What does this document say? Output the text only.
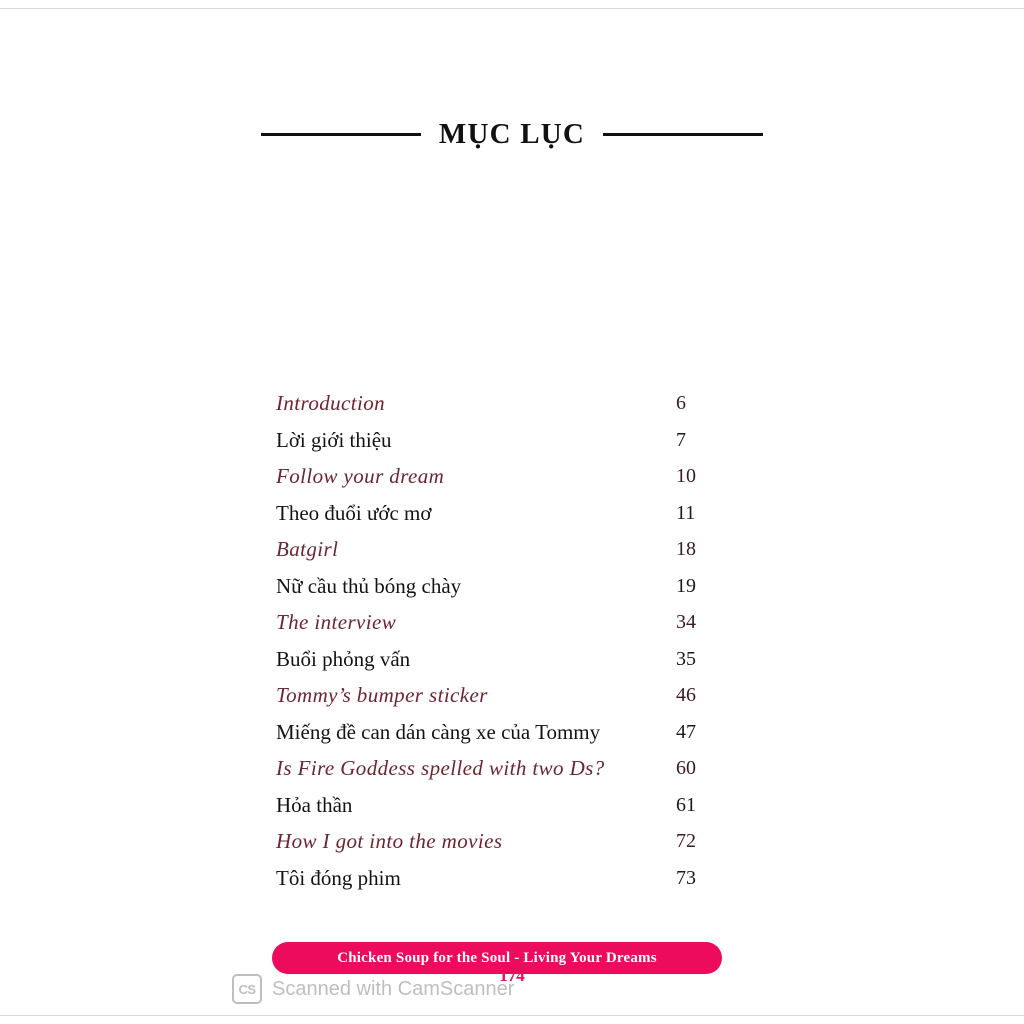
MỤC LỤC
Introduction	6
Lời giới thiệu	7
Follow your dream	10
Theo đuổi ước mơ	11
Batgirl	18
Nữ cầu thủ bóng chày	19
The interview	34
Buổi phỏng vấn	35
Tommy’s bumper sticker	46
Miếng đề can dán càng xe của Tommy	47
Is Fire Goddess spelled with two Ds?	60
Hỏa thần	61
How I got into the movies	72
Tôi đóng phim	73
Chicken Soup for the Soul - Living Your Dreams
174
CS Scanned with CamScanner
